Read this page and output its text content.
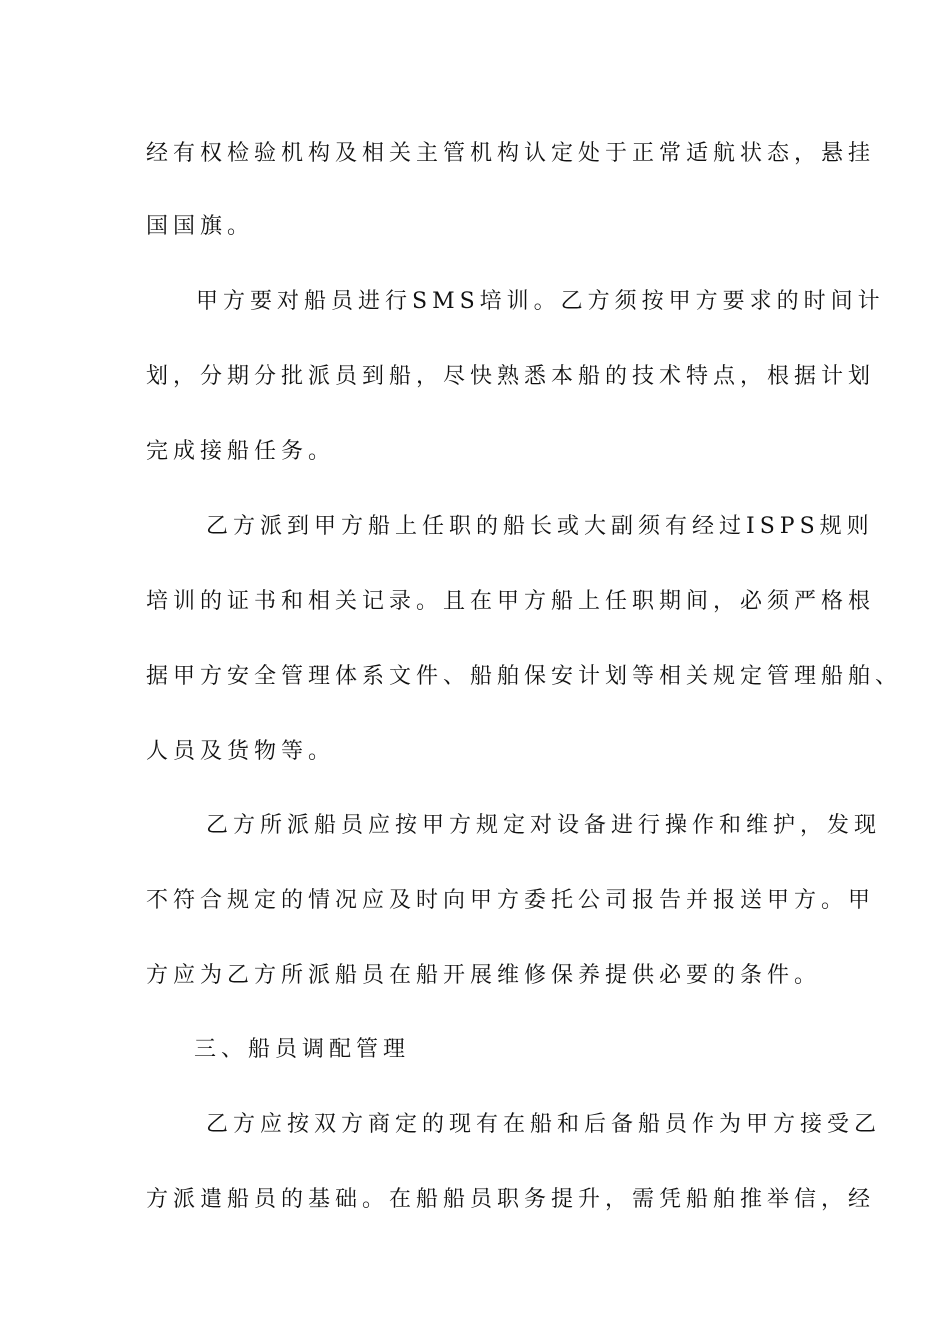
经有权检验机构及相关主管机构认定处于正常适航状态，悬挂

国国旗。

甲方要对船员进行SMS培训。乙方须按甲方要求的时间计

划，分期分批派员到船，尽快熟悉本船的技术特点，根据计划

完成接船任务。

乙方派到甲方船上任职的船长或大副须有经过ISPS规则

培训的证书和相关记录。且在甲方船上任职期间，必须严格根

据甲方安全管理体系文件、船舶保安计划等相关规定管理船舶、

人员及货物等。

乙方所派船员应按甲方规定对设备进行操作和维护，发现

不符合规定的情况应及时向甲方委托公司报告并报送甲方。甲

方应为乙方所派船员在船开展维修保养提供必要的条件。

三、船员调配管理

乙方应按双方商定的现有在船和后备船员作为甲方接受乙

方派遣船员的基础。在船船员职务提升，需凭船舶推举信，经
